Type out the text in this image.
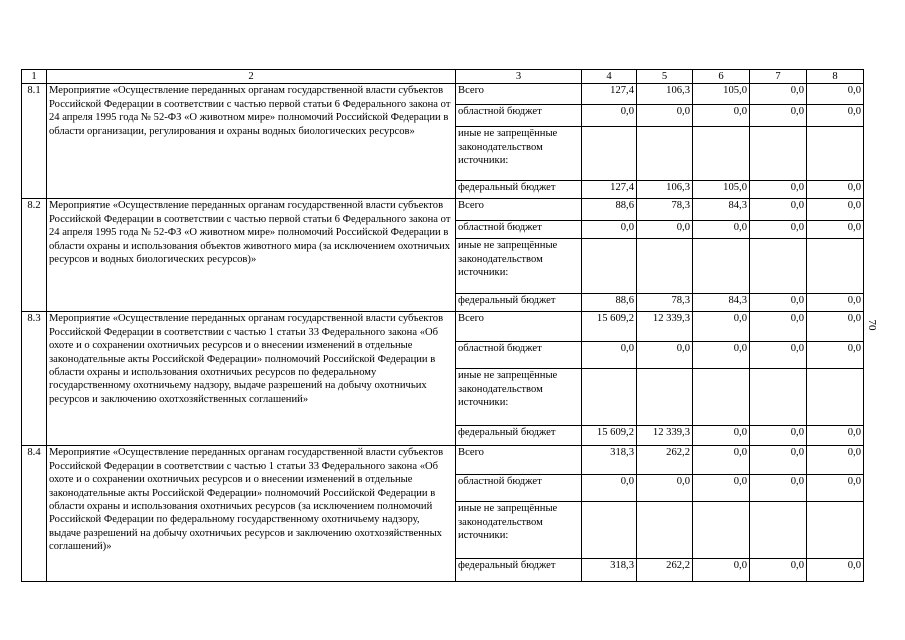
1	2	3	4	5	6	7	8
8.1	Мероприятие «Осуществление переданных органам государственной власти субъектов Российской Федерации в соответствии с частью первой статьи 6 Федерального закона от 24 апреля 1995 года № 52-ФЗ «О животном мире» полномочий Российской Федерации в области организации, регулирования и охраны водных биологических ресурсов»	Всего	127,4	106,3	105,0	0,0	0,0
		областной бюджет	0,0	0,0	0,0	0,0	0,0
		иные не запрещённые законодательством источники:					
		федеральный бюджет	127,4	106,3	105,0	0,0	0,0
8.2	Мероприятие «Осуществление переданных органам государственной власти субъектов Российской Федерации в соответствии с частью первой статьи 6 Федерального закона от 24 апреля 1995 года № 52-ФЗ «О животном мире» полномочий Российской Федерации в области охраны и использования объектов животного мира (за исключением охотничьих ресурсов и водных биологических ресурсов)»	Всего	88,6	78,3	84,3	0,0	0,0
		областной бюджет	0,0	0,0	0,0	0,0	0,0
		иные не запрещённые законодательством источники:					
		федеральный бюджет	88,6	78,3	84,3	0,0	0,0
8.3	Мероприятие «Осуществление переданных органам государственной власти субъектов Российской Федерации в соответствии с частью 1 статьи 33 Федерального закона «Об охоте и о сохранении охотничьих ресурсов и о внесении изменений в отдельные законодательные акты Российской Федерации» полномочий Российской Федерации в области охраны и использования охотничьих ресурсов по федеральному государственному охотничьему надзору, выдаче разрешений на добычу охотничьих ресурсов и заключению охотхозяйственных соглашений»	Всего	15 609,2	12 339,3	0,0	0,0	0,0
		областной бюджет	0,0	0,0	0,0	0,0	0,0
		иные не запрещённые законодательством источники:					
		федеральный бюджет	15 609,2	12 339,3	0,0	0,0	0,0
8.4	Мероприятие «Осуществление переданных органам государственной власти субъектов Российской Федерации в соответствии с частью 1 статьи 33 Федерального закона «Об охоте и о сохранении охотничьих ресурсов и о внесении изменений в отдельные законодательные акты Российской Федерации» полномочий Российской Федерации в области охраны и использования охотничьих ресурсов (за исключением полномочий Российской Федерации по федеральному государственному охотничьему надзору, выдаче разрешений на добычу охотничьих ресурсов и заключению охотхозяйственных соглашений)»	Всего	318,3	262,2	0,0	0,0	0,0
		областной бюджет	0,0	0,0	0,0	0,0	0,0
		иные не запрещённые законодательством источники:					
		федеральный бюджет	318,3	262,2	0,0	0,0	0,0
70
